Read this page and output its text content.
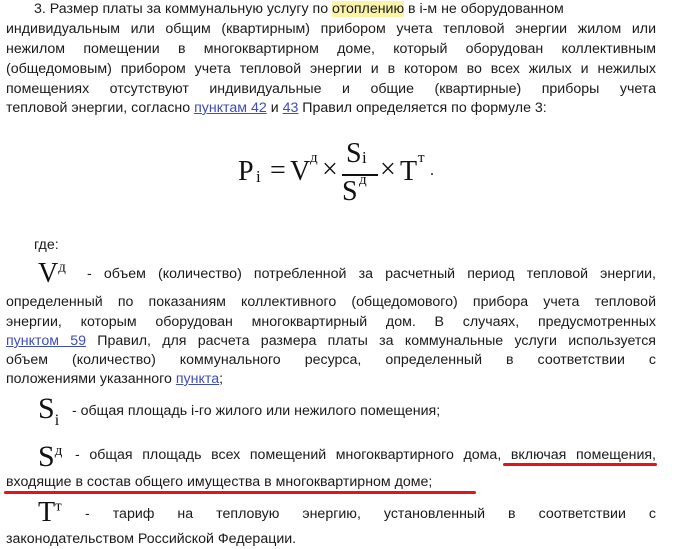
3. Размер платы за коммунальную услугу по отоплению в i-м не оборудованном
индивидуальным или общим (квартирным) прибором учета тепловой энергии жилом или
нежилом помещении в многоквартирном доме, который оборудован коллективным
(общедомовым) прибором учета тепловой энергии и в котором во всех жилых и нежилых
помещениях отсутствуют индивидуальные и общие (квартирные) приборы учета
тепловой энергии, согласно пунктам 42 и 43 Правил определяется по формуле 3:
P i = V д ×
S i
S д × T т
.
где:
$V^д$ - объем (количество) потребленной за расчетный период тепловой энергии,
определенный по показаниям коллективного (общедомового) прибора учета тепловой
энергии, которым оборудован многоквартирный дом. В случаях, предусмотренных
пунктом 59 Правил, для расчета размера платы за коммунальные услуги используется
объем (количество) коммунального ресурса, определенный в соответствии с
положениями указанного пункта;
$S_i$
- общая площадь i-го жилого или нежилого помещения;
$S^д$ - общая площадь всех помещений многоквартирного дома, включая помещения,
входящие в состав общего имущества в многоквартирном доме;
$T^т$ - тариф на тепловую энергию, установленный в соответствии с
законодательством Российской Федерации.
